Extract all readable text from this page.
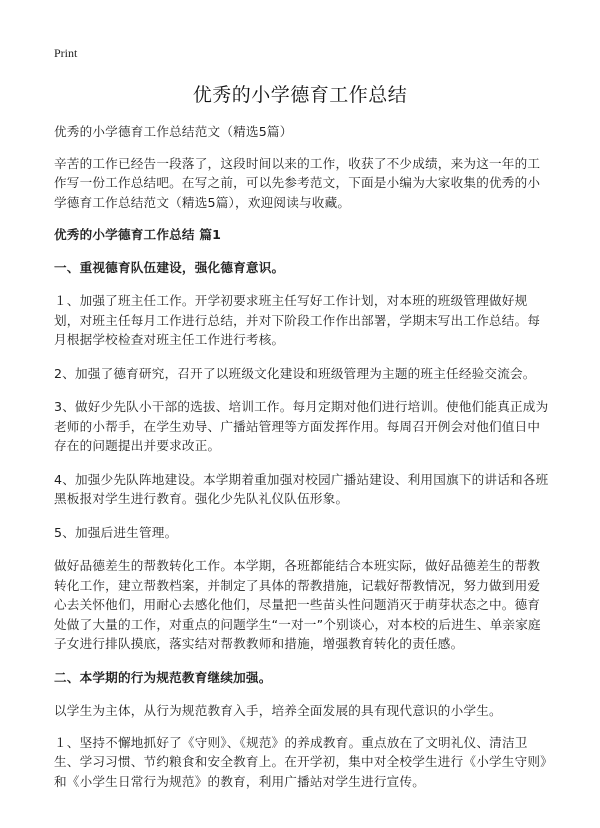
Print
优秀的小学德育工作总结

优秀的小学德育工作总结范文（精选5篇）

辛苦的工作已经告一段落了，这段时间以来的工作，收获了不少成绩，来为这一年的工作写一份工作总结吧。在写之前，可以先参考范文，下面是小编为大家收集的优秀的小学德育工作总结范文（精选5篇），欢迎阅读与收藏。

优秀的小学德育工作总结 篇1

一、重视德育队伍建设，强化德育意识。

１、加强了班主任工作。开学初要求班主任写好工作计划，对本班的班级管理做好规划，对班主任每月工作进行总结，并对下阶段工作作出部署，学期末写出工作总结。每月根据学校检查对班主任工作进行考核。

2、加强了德育研究，召开了以班级文化建设和班级管理为主题的班主任经验交流会。

3、做好少先队小干部的选拔、培训工作。每月定期对他们进行培训。使他们能真正成为老师的小帮手，在学生劝导、广播站管理等方面发挥作用。每周召开例会对他们值日中存在的问题提出并要求改正。

4、加强少先队阵地建设。本学期着重加强对校园广播站建设、利用国旗下的讲话和各班黑板报对学生进行教育。强化少先队礼仪队伍形象。

5、加强后进生管理。

做好品德差生的帮教转化工作。本学期，各班都能结合本班实际，做好品德差生的帮教转化工作，建立帮教档案，并制定了具体的帮教措施，记载好帮教情况，努力做到用爱心去关怀他们，用耐心去感化他们，尽量把一些苗头性问题消灭于萌芽状态之中。德育处做了大量的工作，对重点的问题学生“一对一”个别谈心，对本校的后进生、单亲家庭子女进行排队摸底，落实结对帮教教师和措施，增强教育转化的责任感。

二、本学期的行为规范教育继续加强。

以学生为主体，从行为规范教育入手，培养全面发展的具有现代意识的小学生。

１、坚持不懈地抓好了《守则》、《规范》的养成教育。重点放在了文明礼仪、清洁卫生、学习习惯、节约粮食和安全教育上。在开学初，集中对全校学生进行《小学生守则》和《小学生日常行为规范》的教育，利用广播站对学生进行宣传。
